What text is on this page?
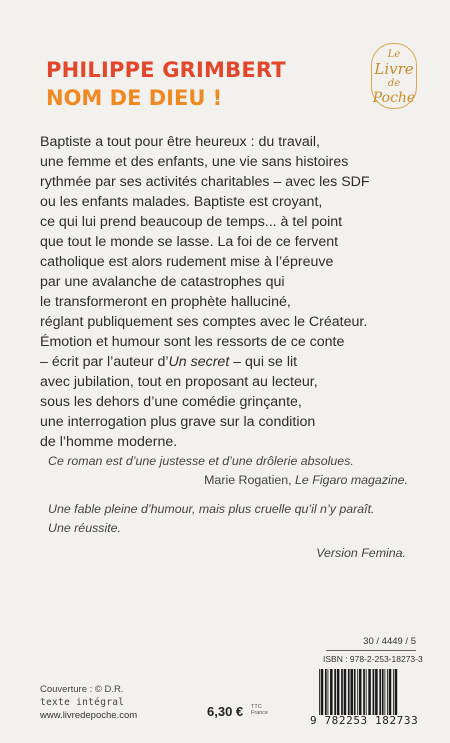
PHILIPPE GRIMBERT
NOM DE DIEU !
Le
Livre
de
Poche
Baptiste a tout pour être heureux : du travail,
une femme et des enfants, une vie sans histoires
rythmée par ses activités charitables – avec les SDF
ou les enfants malades. Baptiste est croyant,
ce qui lui prend beaucoup de temps... à tel point
que tout le monde se lasse. La foi de ce fervent
catholique est alors rudement mise à l’épreuve
par une avalanche de catastrophes qui
le transformeront en prophète halluciné,
réglant publiquement ses comptes avec le Créateur.
Émotion et humour sont les ressorts de ce conte
– écrit par l’auteur d’Un secret – qui se lit
avec jubilation, tout en proposant au lecteur,
sous les dehors d’une comédie grinçante,
une interrogation plus grave sur la condition
de l’homme moderne.
Ce roman est d’une justesse et d’une drôlerie absolues.
Marie Rogatien, Le Figaro magazine.
Une fable pleine d’humour, mais plus cruelle qu’il n’y paraît.
Une réussite.
Version Femina.
30 / 4449 / 5
ISBN : 978-2-253-18273-3
9 782253 182733
Couverture : © D.R.
texte intégral
www.livredepoche.com	6,30 € TTC
France
